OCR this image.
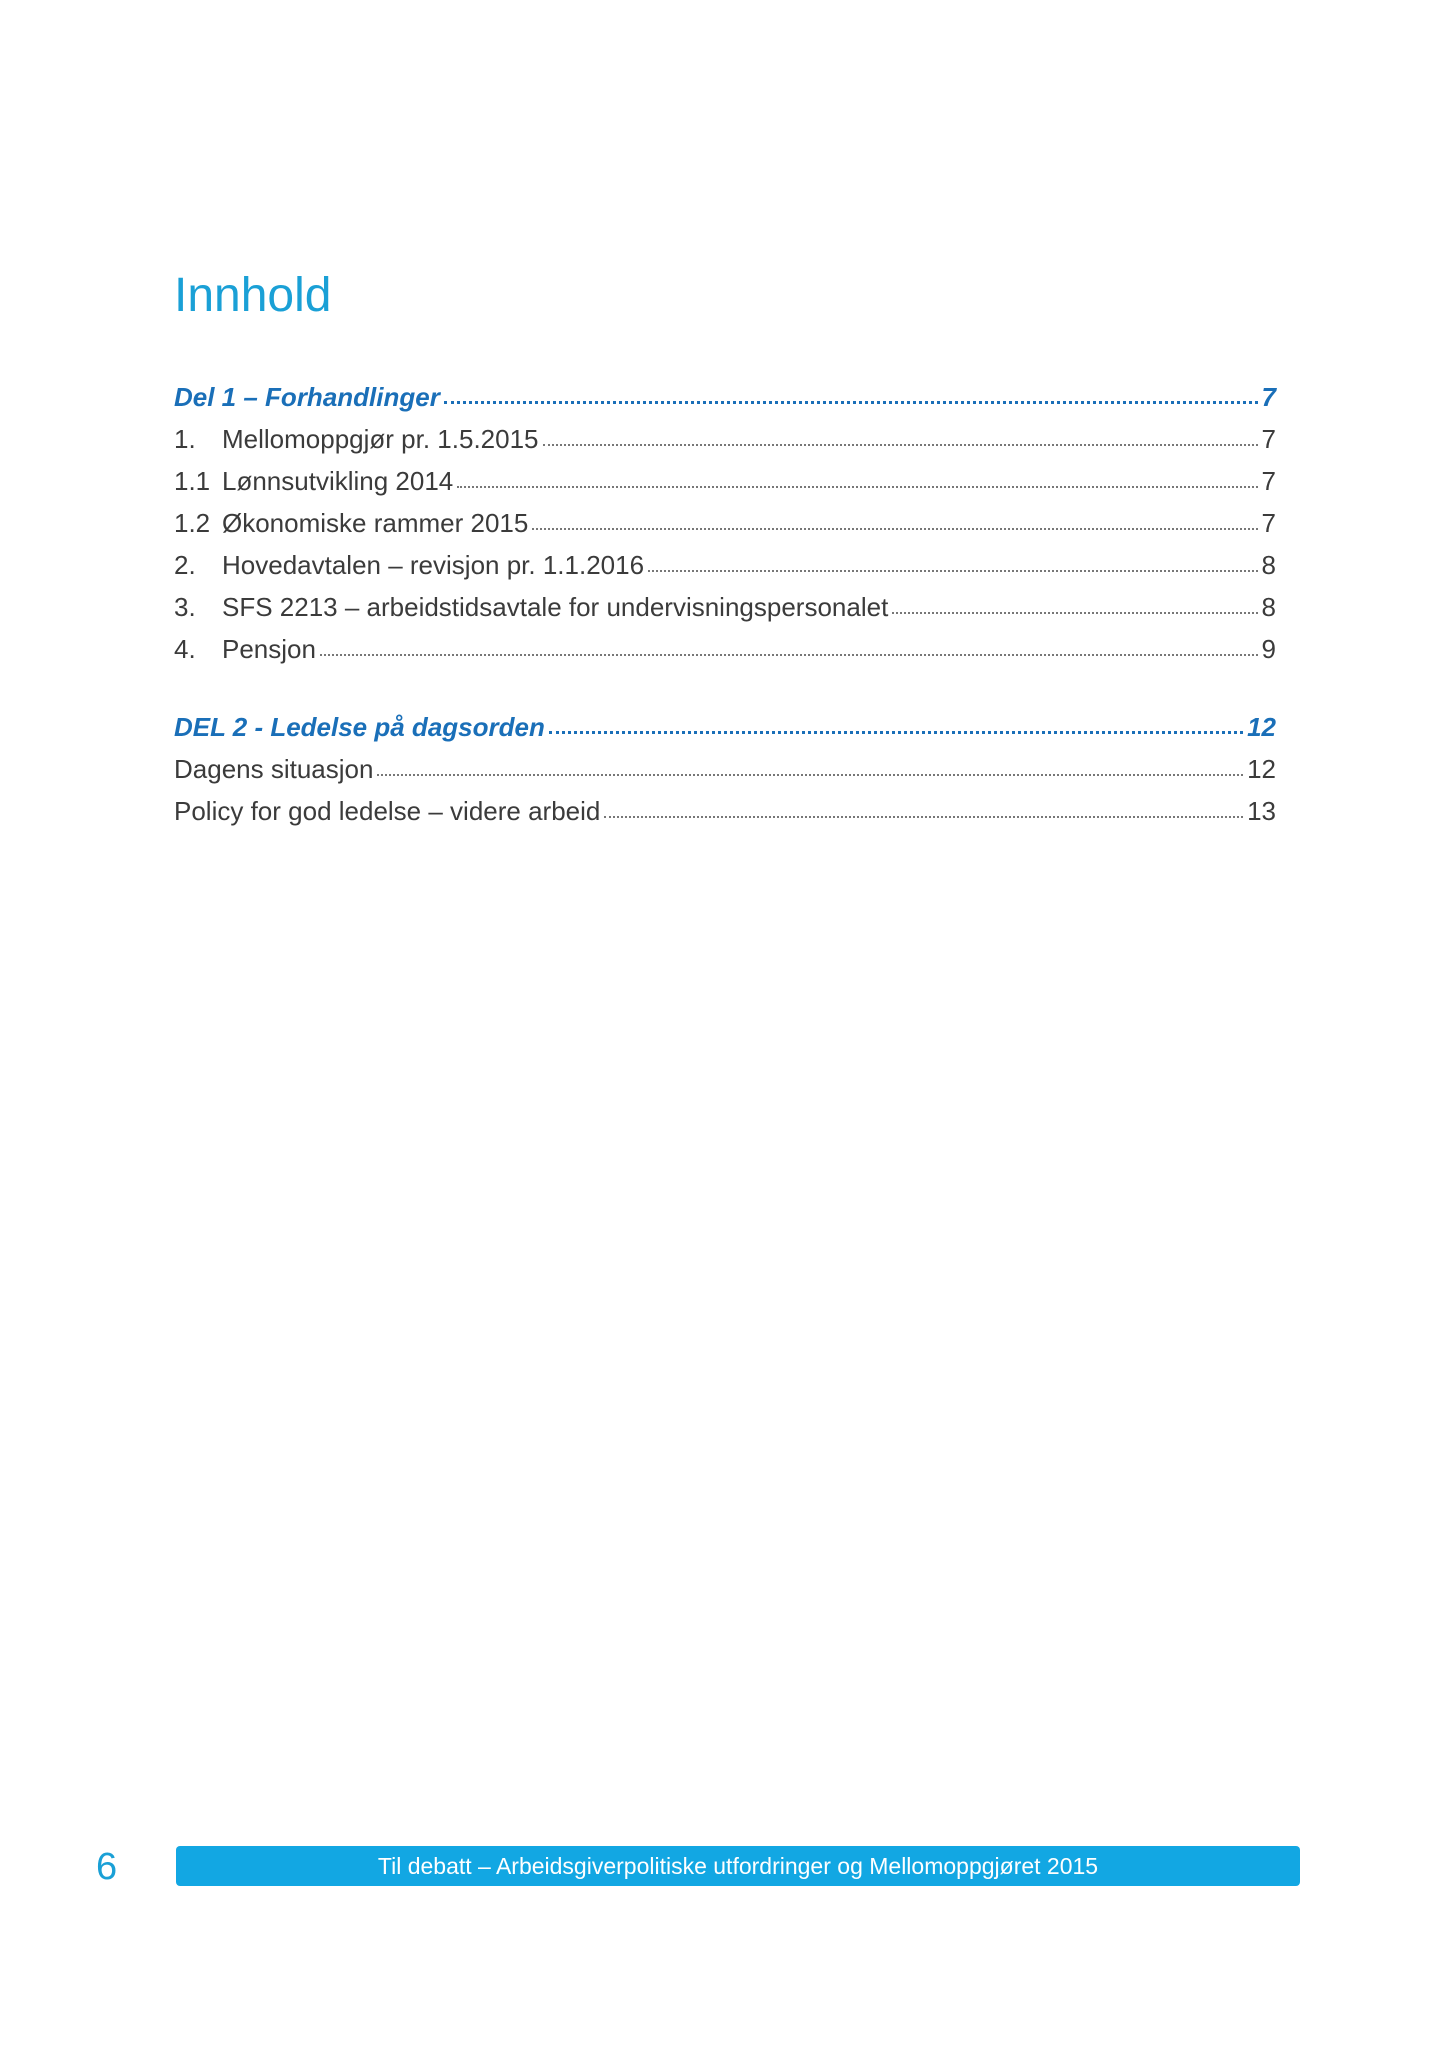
Innhold
Del 1 – Forhandlinger	7
1.	Mellomoppgjør pr. 1.5.2015	7
1.1 Lønnsutvikling 2014	7
1.2 Økonomiske rammer 2015	7
2.	Hovedavtalen – revisjon pr. 1.1.2016	8
3.	SFS 2213 – arbeidstidsavtale for undervisningspersonalet	8
4.	Pensjon	9
DEL 2 - Ledelse på dagsorden	12
Dagens situasjon	12
Policy for god ledelse – videre arbeid	13
6	Til debatt – Arbeidsgiverpolitiske utfordringer og Mellomoppgjøret 2015
